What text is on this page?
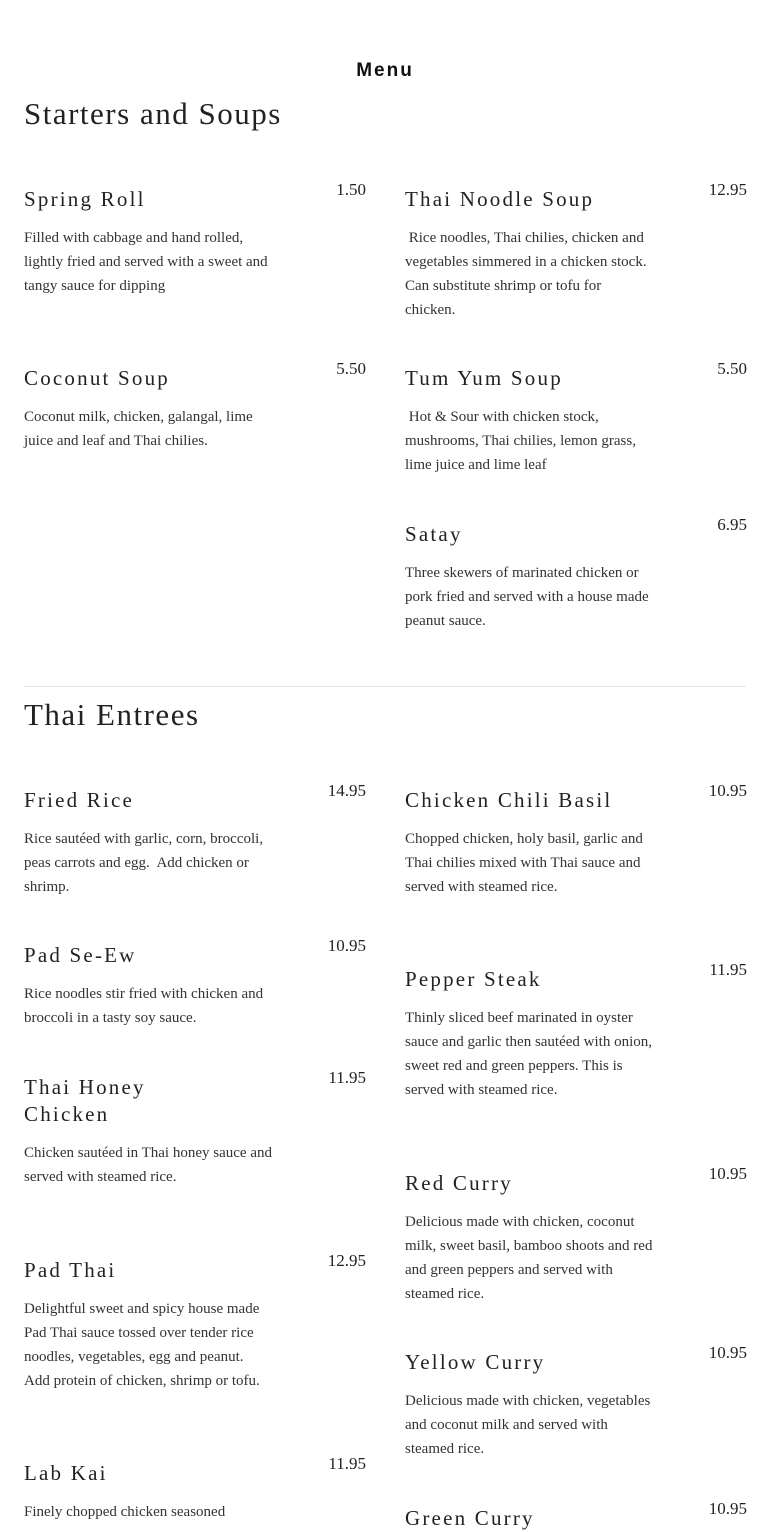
Menu
Starters and Soups
Spring Roll	1.50
Filled with cabbage and hand rolled, lightly fried and served with a sweet and tangy sauce for dipping
Thai Noodle Soup	12.95
Rice noodles, Thai chilies, chicken and vegetables simmered in a chicken stock.  Can substitute shrimp or tofu for chicken.
Coconut Soup	5.50
Coconut milk, chicken, galangal, lime juice and leaf and Thai chilies.
Tum Yum Soup	5.50
Hot & Sour with chicken stock, mushrooms, Thai chilies, lemon grass, lime juice and lime leaf
Satay	6.95
Three skewers of marinated chicken or pork fried and served with a house made peanut sauce.
Thai Entrees
Fried Rice	14.95
Rice sautéed with garlic, corn, broccoli, peas carrots and egg.  Add chicken or shrimp.
Pad Se-Ew	10.95
Rice noodles stir fried with chicken and broccoli in a tasty soy sauce.
Thai Honey Chicken
11.95
Chicken sautéed in Thai honey sauce and served with steamed rice.
Pad Thai	12.95
Delightful sweet and spicy house made Pad Thai sauce tossed over tender rice noodles, vegetables, egg and peanut. Add protein of chicken, shrimp or tofu.
Lab Kai	11.95
Finely chopped chicken seasoned
Chicken Chili Basil	10.95
Chopped chicken, holy basil, garlic and Thai chilies mixed with Thai sauce and served with steamed rice.
Pepper Steak	11.95
Thinly sliced beef marinated in oyster sauce and garlic then sautéed with onion, sweet red and green peppers. This is served with steamed rice.
Red Curry	10.95
Delicious made with chicken, coconut milk, sweet basil, bamboo shoots and red and green peppers and served with steamed rice.
Yellow Curry	10.95
Delicious made with chicken, vegetables and coconut milk and served with steamed rice.
Green Curry	10.95
